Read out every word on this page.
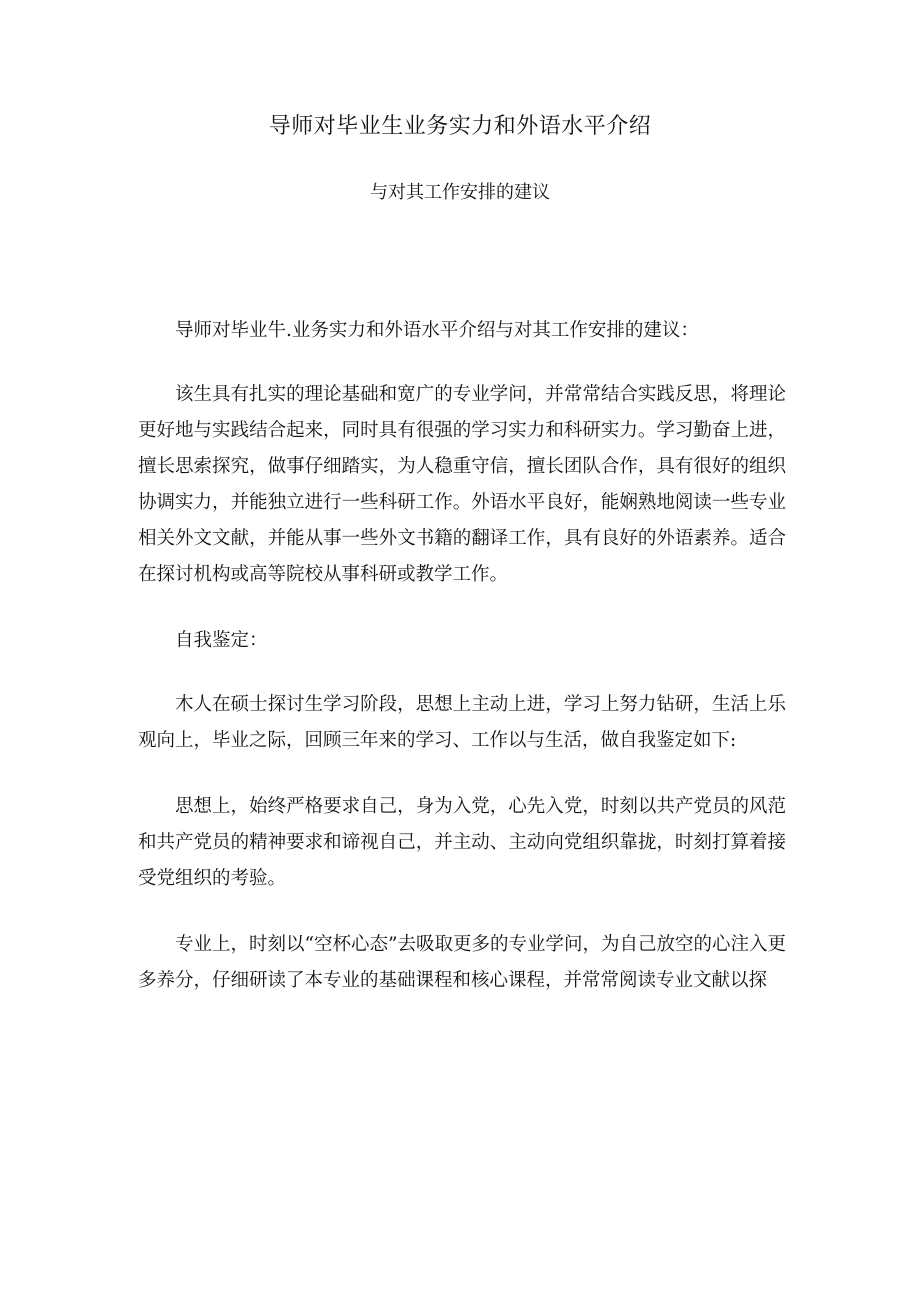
导师对毕业生业务实力和外语水平介绍
与对其工作安排的建议

导师对毕业牛.业务实力和外语水平介绍与对其工作安排的建议：

该生具有扎实的理论基础和宽广的专业学问，并常常结合实践反思，将理论更好地与实践结合起来，同时具有很强的学习实力和科研实力。学习勤奋上进，擅长思索探究，做事仔细踏实，为人稳重守信，擅长团队合作，具有很好的组织协调实力，并能独立进行一些科研工作。外语水平良好，能娴熟地阅读一些专业相关外文文献，并能从事一些外文书籍的翻译工作，具有良好的外语素养。适合在探讨机构或高等院校从事科研或教学工作。

自我鉴定：

木人在硕士探讨生学习阶段，思想上主动上进，学习上努力钻研，生活上乐观向上，毕业之际，回顾三年来的学习、工作以与生活，做自我鉴定如下:

思想上，始终严格要求自己，身为入党，心先入党，时刻以共产党员的风范和共产党员的精神要求和谛视自己，并主动、主动向党组织靠拢，时刻打算着接受党组织的考验。

专业上，时刻以“空杯心态”去吸取更多的专业学问，为自己放空的心注入更多养分，仔细研读了本专业的基础课程和核心课程，并常常阅读专业文献以探
